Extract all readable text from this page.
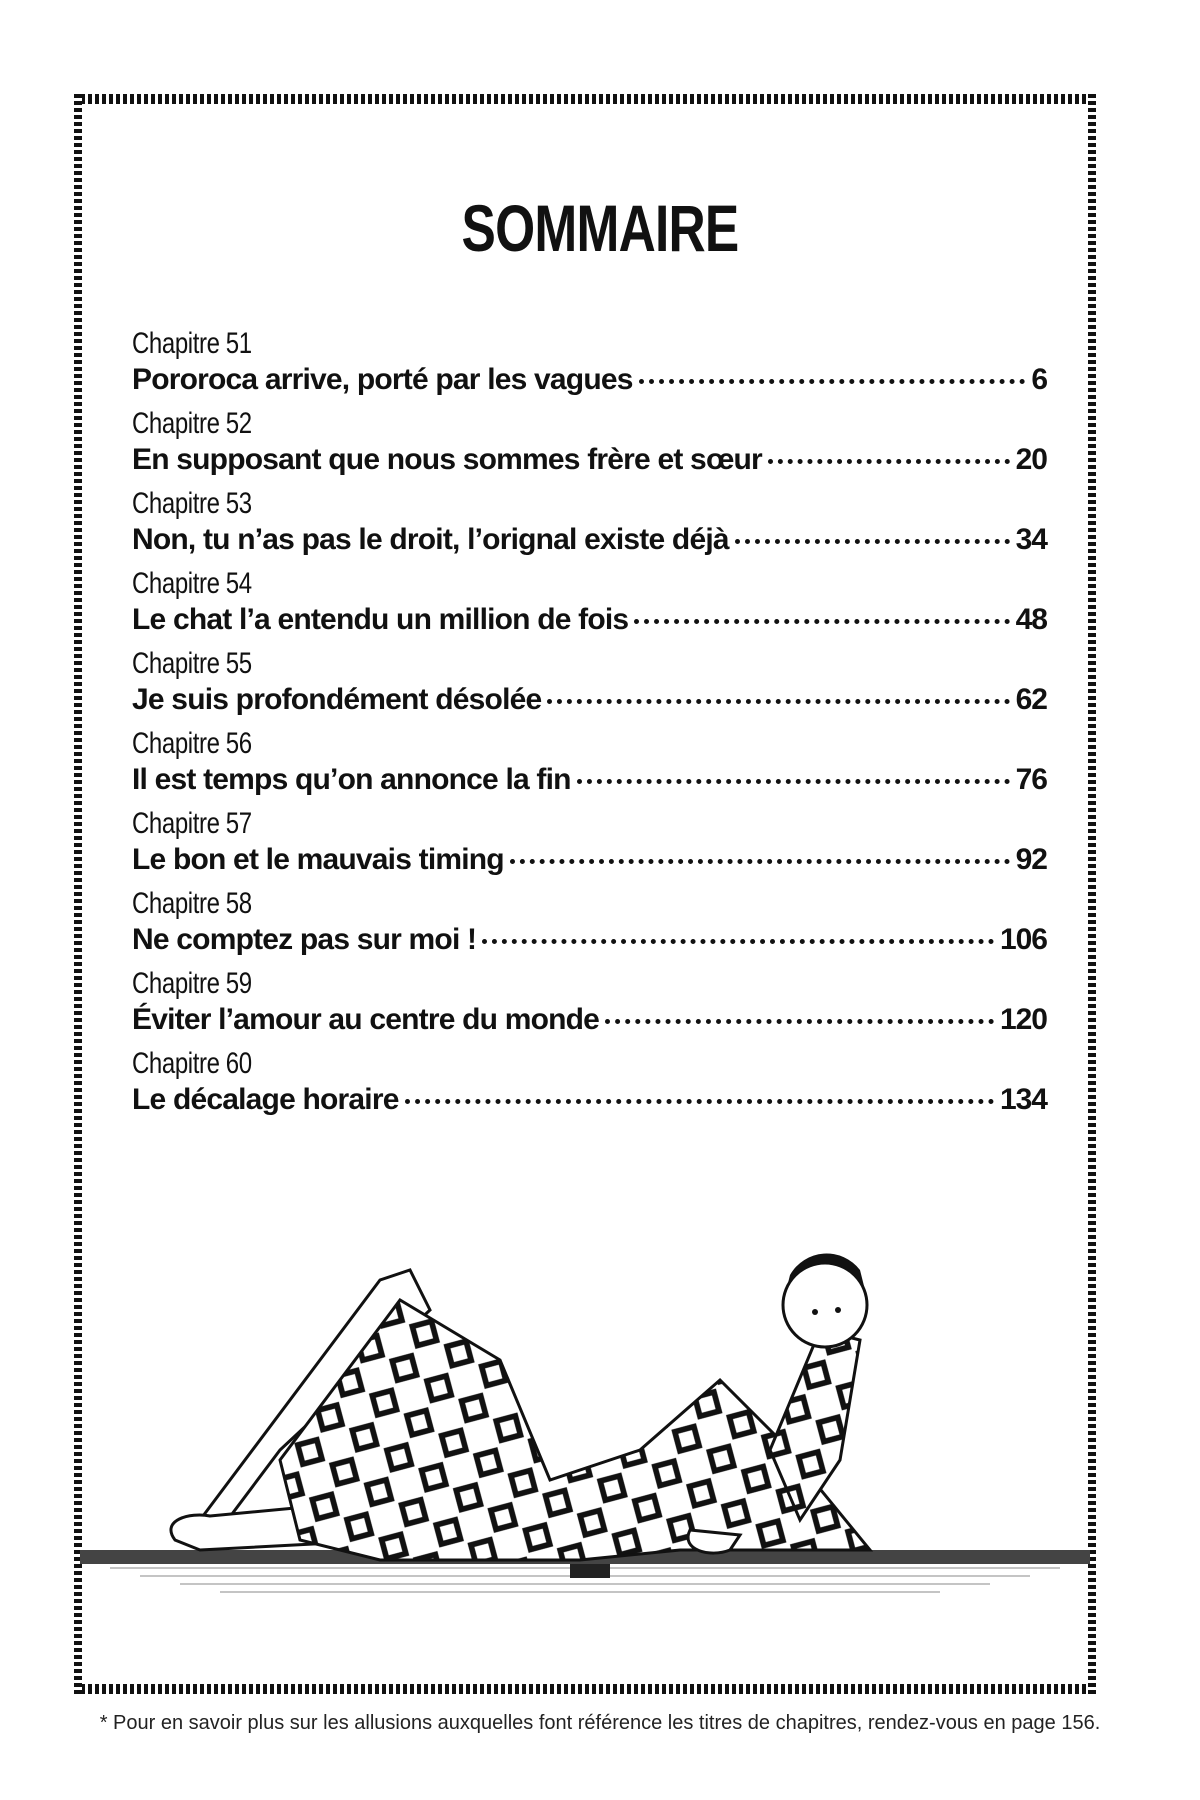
SOMMAIRE
Chapitre 51
Pororoca arrive, porté par les vagues	6
Chapitre 52
En supposant que nous sommes frère et sœur	20
Chapitre 53
Non, tu n’as pas le droit, l’orignal existe déjà	34
Chapitre 54
Le chat l’a entendu un million de fois	48
Chapitre 55
Je suis profondément désolée	62
Chapitre 56
Il est temps qu’on annonce la fin	76
Chapitre 57
Le bon et le mauvais timing	92
Chapitre 58
Ne comptez pas sur moi !	106
Chapitre 59
Éviter l’amour au centre du monde	120
Chapitre 60
Le décalage horaire	134
* Pour en savoir plus sur les allusions auxquelles font référence les titres de chapitres, rendez-vous en page 156.
